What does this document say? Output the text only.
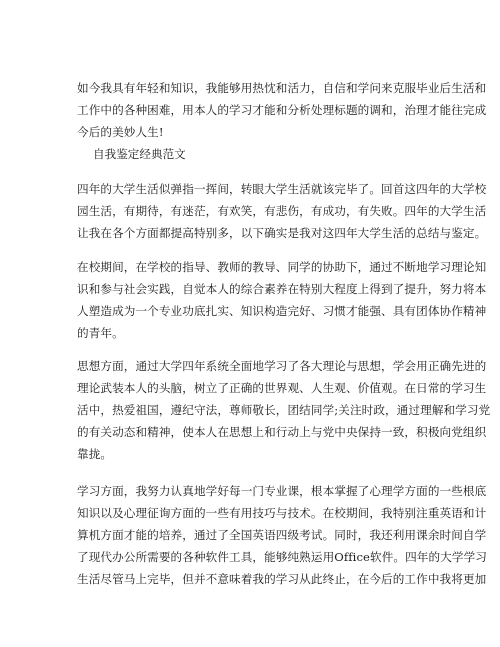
如今我具有年轻和知识，我能够用热忱和活力，自信和学问来克服毕业后生活和
工作中的各种困难，用本人的学习才能和分析处理标题的调和，治理才能往完成
今后的美妙人生!
自我鉴定经典范文
四年的大学生活似弹指一挥间，转眼大学生活就该完毕了。回首这四年的大学校
园生活，有期待，有迷茫，有欢笑，有悲伤，有成功，有失败。四年的大学生活
让我在各个方面都提高特别多，以下确实是我对这四年大学生活的总结与鉴定。
在校期间，在学校的指导、教师的教导、同学的协助下，通过不断地学习理论知
识和参与社会实践，自觉本人的综合素养在特别大程度上得到了提升，努力将本
人塑造成为一个专业功底扎实、知识构造完好、习惯才能强、具有团体协作精神
的青年。
思想方面，通过大学四年系统全面地学习了各大理论与思想，学会用正确先进的
理论武装本人的头脑，树立了正确的世界观、人生观、价值观。在日常的学习生
活中，热爱祖国，遵纪守法，尊师敬长，团结同学;关注时政，通过理解和学习党
的有关动态和精神，使本人在思想上和行动上与党中央保持一致，积极向党组织
靠拢。
学习方面，我努力认真地学好每一门专业课，根本掌握了心理学方面的一些根底
知识以及心理征询方面的一些有用技巧与技术。在校期间，我特别注重英语和计
算机方面才能的培养，通过了全国英语四级考试。同时，我还利用课余时间自学
了现代办公所需要的各种软件工具，能够纯熟运用Office软件。四年的大学学习
生活尽管马上完毕，但并不意味着我的学习从此终止，在今后的工作中我将更加
